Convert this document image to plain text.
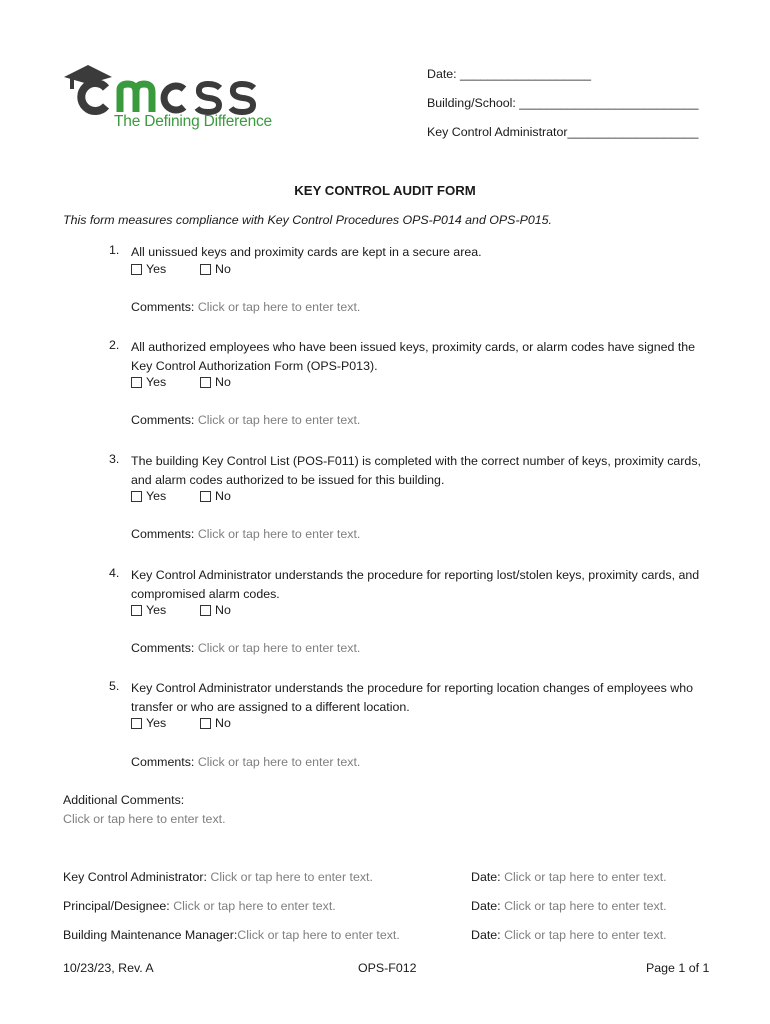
The Defining Difference
Date: ___________________
Building/School: __________________________
Key Control Administrator___________________
KEY CONTROL AUDIT FORM
This form measures compliance with Key Control Procedures OPS-P014 and OPS-P015.
1. All unissued keys and proximity cards are kept in a secure area.
Yes	No
Comments: Click or tap here to enter text.
2. All authorized employees who have been issued keys, proximity cards, or alarm codes have signed the Key Control Authorization Form (OPS-P013).
Yes	No
Comments: Click or tap here to enter text.
3. The building Key Control List (POS-F011) is completed with the correct number of keys, proximity cards, and alarm codes authorized to be issued for this building.
Yes	No
Comments: Click or tap here to enter text.
4. Key Control Administrator understands the procedure for reporting lost/stolen keys, proximity cards, and compromised alarm codes.
Yes	No
Comments: Click or tap here to enter text.
5. Key Control Administrator understands the procedure for reporting location changes of employees who transfer or who are assigned to a different location.
Yes	No
Comments: Click or tap here to enter text.
Additional Comments:
Click or tap here to enter text.
Key Control Administrator: Click or tap here to enter text.	Date: Click or tap here to enter text.
Principal/Designee: Click or tap here to enter text.	Date: Click or tap here to enter text.
Building Maintenance Manager:Click or tap here to enter text.	Date: Click or tap here to enter text.
10/23/23, Rev. A	OPS-F012	Page 1 of 1
